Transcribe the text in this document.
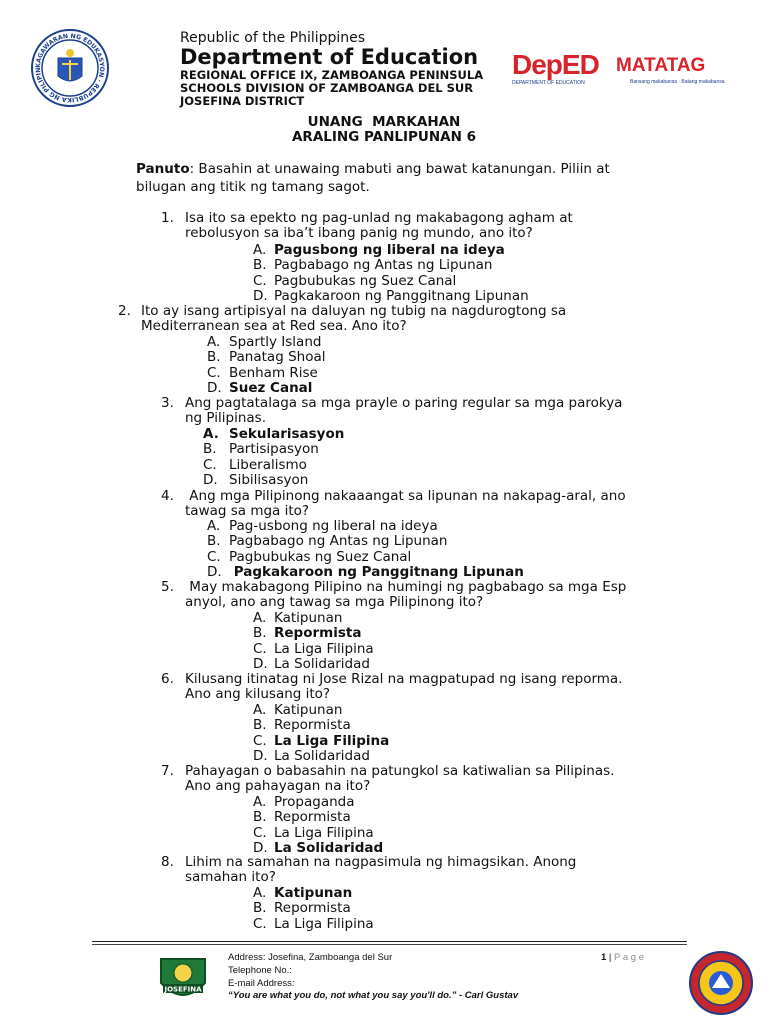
KAGAWARAN NG EDUKASYON · REPUBLIKA NG PILIPIN
Republic of the Philippines
Department of Education
REGIONAL OFFICE IX, ZAMBOANGA PENINSULA
SCHOOLS DIVISION OF ZAMBOANGA DEL SUR
JOSEFINA DISTRICT
DepED
DEPARTMENT OF EDUCATION
MATATAG
Bansang makabansa · Batang makabansa
UNANG  MARKAHAN
ARALING PANLIPUNAN 6
Panuto: Basahin at unawaing mabuti ang bawat katanungan. Piliin at
bilugan ang titik ng tamang sagot.
1. Isa ito sa epekto ng pag-unlad ng makabagong agham at
rebolusyon sa iba’t ibang panig ng mundo, ano ito?
A. Pagusbong ng liberal na ideya
B. Pagbabago ng Antas ng Lipunan
C. Pagbubukas ng Suez Canal
D. Pagkakaroon ng Panggitnang Lipunan
2. Ito ay isang artipisyal na daluyan ng tubig na nagdurogtong sa
Mediterranean sea at Red sea. Ano ito?
A. Spartly Island
B. Panatag Shoal
C. Benham Rise
D. Suez Canal
3. Ang pagtatalaga sa mga prayle o paring regular sa mga parokya
ng Pilipinas.
A. Sekularisasyon
B. Partisipasyon
C. Liberalismo
D. Sibilisasyon
4. Ang mga Pilipinong nakaaangat sa lipunan na nakapag-aral, ano
tawag sa mga ito?
A. Pag-usbong ng liberal na ideya
B. Pagbabago ng Antas ng Lipunan
C. Pagbubukas ng Suez Canal
D. Pagkakaroon ng Panggitnang Lipunan
5. May makabagong Pilipino na humingi ng pagbabago sa mga Esp
anyol, ano ang tawag sa mga Pilipinong ito?
A. Katipunan
B. Repormista
C. La Liga Filipina
D. La Solidaridad
6. Kilusang itinatag ni Jose Rizal na magpatupad ng isang reporma.
Ano ang kilusang ito?
A. Katipunan
B. Repormista
C. La Liga Filipina
D. La Solidaridad
7. Pahayagan o babasahin na patungkol sa katiwalian sa Pilipinas.
Ano ang pahayagan na ito?
A. Propaganda
B. Repormista
C. La Liga Filipina
D. La Solidaridad
8. Lihim na samahan na nagpasimula ng himagsikan. Anong
samahan ito?
A. Katipunan
B. Repormista
C. La Liga Filipina
JOSEFINA
Address: Josefina, Zamboanga del Sur
Telephone No.:
E-mail Address:
“You are what you do, not what you say you'll do.” - Carl Gustav
1 | P a g e
